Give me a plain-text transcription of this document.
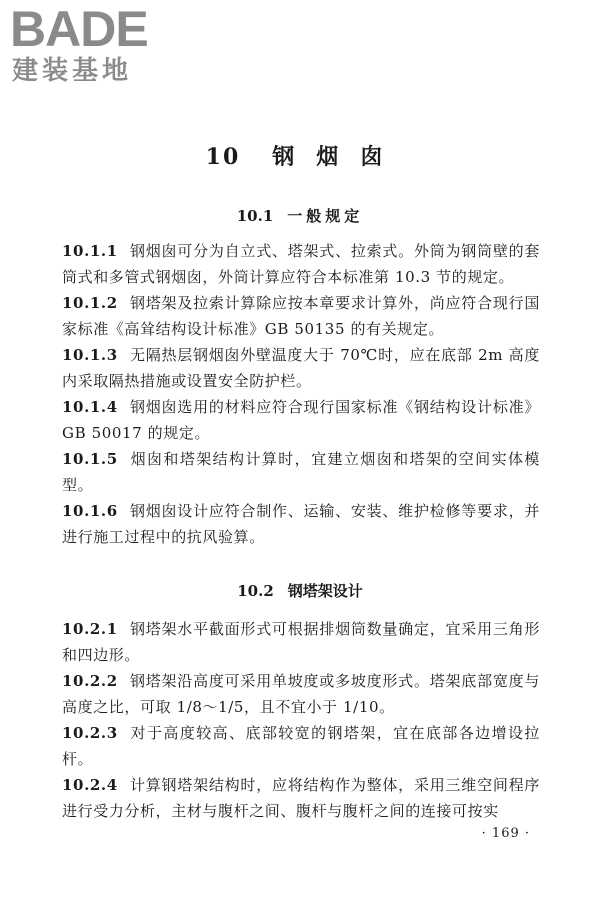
BADE
建装基地
10 钢 烟 囱
10.1 一般规定

10.1.1 钢烟囱可分为自立式、塔架式、拉索式。外筒为钢筒壁的套筒式和多管式钢烟囱，外筒计算应符合本标准第 10.3 节的规定。

10.1.2 钢塔架及拉索计算除应按本章要求计算外，尚应符合现行国家标准《高耸结构设计标准》GB 50135 的有关规定。

10.1.3 无隔热层钢烟囱外壁温度大于 70℃时，应在底部 2m 高度内采取隔热措施或设置安全防护栏。

10.1.4 钢烟囱选用的材料应符合现行国家标准《钢结构设计标准》GB 50017 的规定。

10.1.5 烟囱和塔架结构计算时，宜建立烟囱和塔架的空间实体模型。

10.1.6 钢烟囱设计应符合制作、运输、安装、维护检修等要求，并进行施工过程中的抗风验算。

10.2 钢塔架设计

10.2.1 钢塔架水平截面形式可根据排烟筒数量确定，宜采用三角形和四边形。

10.2.2 钢塔架沿高度可采用单坡度或多坡度形式。塔架底部宽度与高度之比，可取 1/8～1/5，且不宜小于 1/10。

10.2.3 对于高度较高、底部较宽的钢塔架，宜在底部各边增设拉杆。

10.2.4 计算钢塔架结构时，应将结构作为整体，采用三维空间程序进行受力分析，主材与腹杆之间、腹杆与腹杆之间的连接可按实

· 169 ·
